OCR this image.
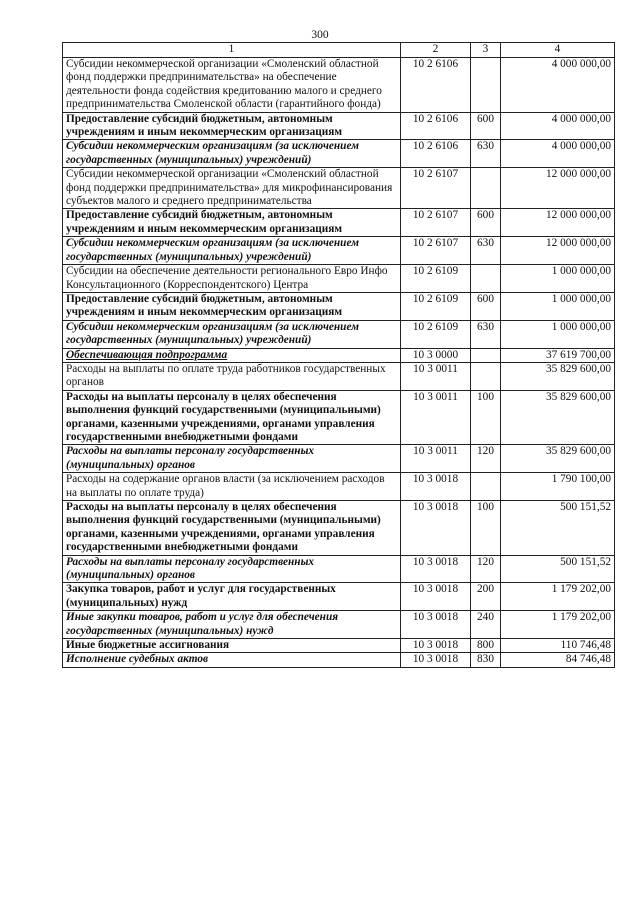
300
1	2	3	4
Субсидии некоммерческой организации «Смоленский областной фонд поддержки предпринимательства» на обеспечение деятельности фонда содействия кредитованию малого и среднего предпринимательства Смоленской области (гарантийного фонда)	10 2 6106		4 000 000,00
Предоставление субсидий бюджетным, автономным учреждениям и иным некоммерческим организациям	10 2 6106	600	4 000 000,00
Субсидии некоммерческим организациям (за исключением государственных (муниципальных) учреждений)	10 2 6106	630	4 000 000,00
Субсидии некоммерческой организации «Смоленский областной фонд поддержки предпринимательства» для микрофинансирования субъектов малого и среднего предпринимательства	10 2 6107		12 000 000,00
Предоставление субсидий бюджетным, автономным учреждениям и иным некоммерческим организациям	10 2 6107	600	12 000 000,00
Субсидии некоммерческим организациям (за исключением государственных (муниципальных) учреждений)	10 2 6107	630	12 000 000,00
Субсидии на обеспечение деятельности регионального Евро Инфо Консультационного (Корреспондентского) Центра	10 2 6109		1 000 000,00
Предоставление субсидий бюджетным, автономным учреждениям и иным некоммерческим организациям	10 2 6109	600	1 000 000,00
Субсидии некоммерческим организациям (за исключением государственных (муниципальных) учреждений)	10 2 6109	630	1 000 000,00
Обеспечивающая подпрограмма	10 3 0000		37 619 700,00
Расходы на выплаты по оплате труда работников государственных органов	10 3 0011		35 829 600,00
Расходы на выплаты персоналу в целях обеспечения выполнения функций государственными (муниципальными) органами, казенными учреждениями, органами управления государственными внебюджетными фондами	10 3 0011	100	35 829 600,00
Расходы на выплаты персоналу государственных (муниципальных) органов	10 3 0011	120	35 829 600,00
Расходы на содержание органов власти (за исключением расходов на выплаты по оплате труда)	10 3 0018		1 790 100,00
Расходы на выплаты персоналу в целях обеспечения выполнения функций государственными (муниципальными) органами, казенными учреждениями, органами управления государственными внебюджетными фондами	10 3 0018	100	500 151,52
Расходы на выплаты персоналу государственных (муниципальных) органов	10 3 0018	120	500 151,52
Закупка товаров, работ и услуг для государственных (муниципальных) нужд	10 3 0018	200	1 179 202,00
Иные закупки товаров, работ и услуг для обеспечения государственных (муниципальных) нужд	10 3 0018	240	1 179 202,00
Иные бюджетные ассигнования	10 3 0018	800	110 746,48
Исполнение судебных актов	10 3 0018	830	84 746,48
